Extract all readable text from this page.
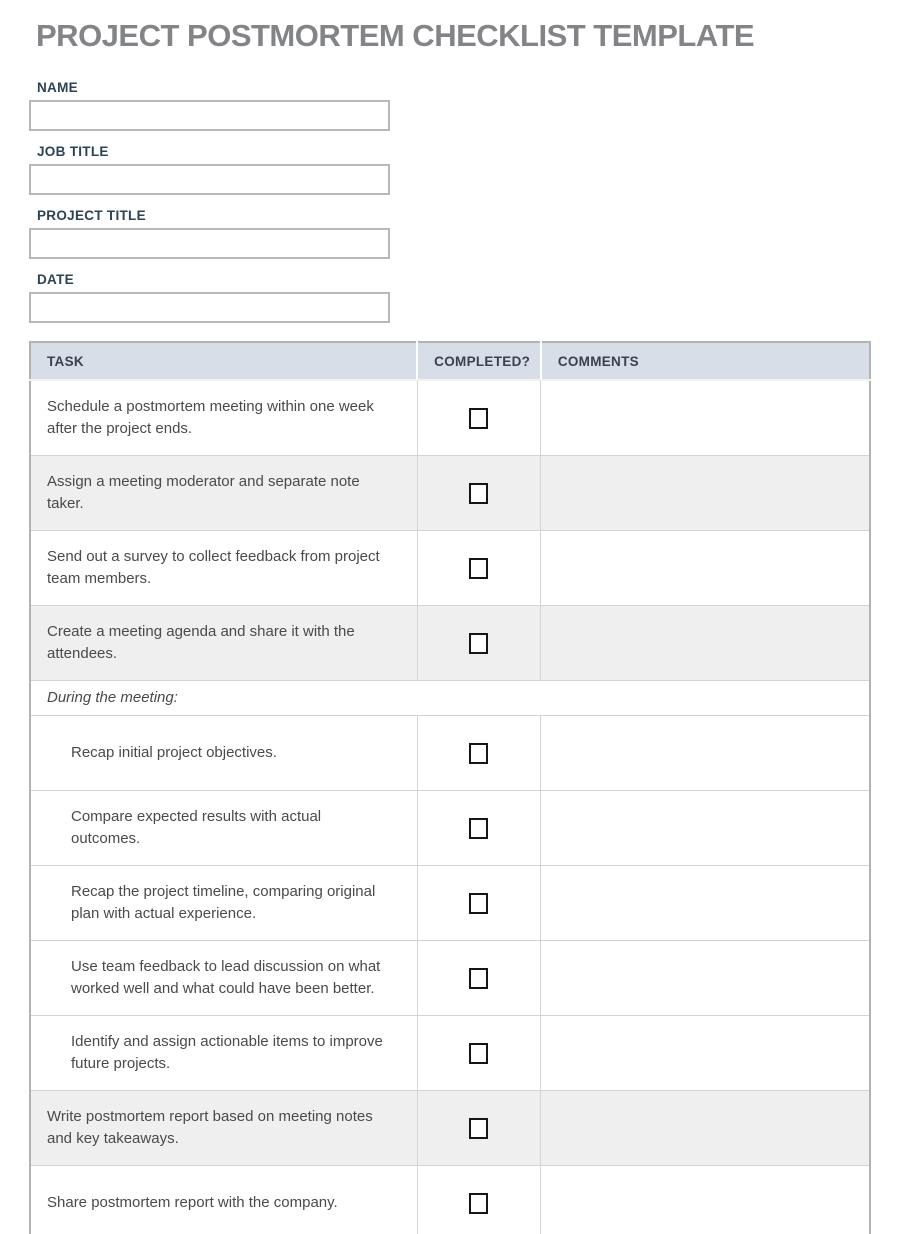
PROJECT POSTMORTEM CHECKLIST TEMPLATE
NAME
JOB TITLE
PROJECT TITLE
DATE
TASK	COMPLETED?	COMMENTS
Schedule a postmortem meeting within one week after the project ends.		
Assign a meeting moderator and separate note taker.		
Send out a survey to collect feedback from project team members.		
Create a meeting agenda and share it with the attendees.		
During the meeting:		
Recap initial project objectives.		
Compare expected results with actual outcomes.		
Recap the project timeline, comparing original plan with actual experience.		
Use team feedback to lead discussion on what worked well and what could have been better.		
Identify and assign actionable items to improve future projects.		
Write postmortem report based on meeting notes and key takeaways.		
Share postmortem report with the company.		
